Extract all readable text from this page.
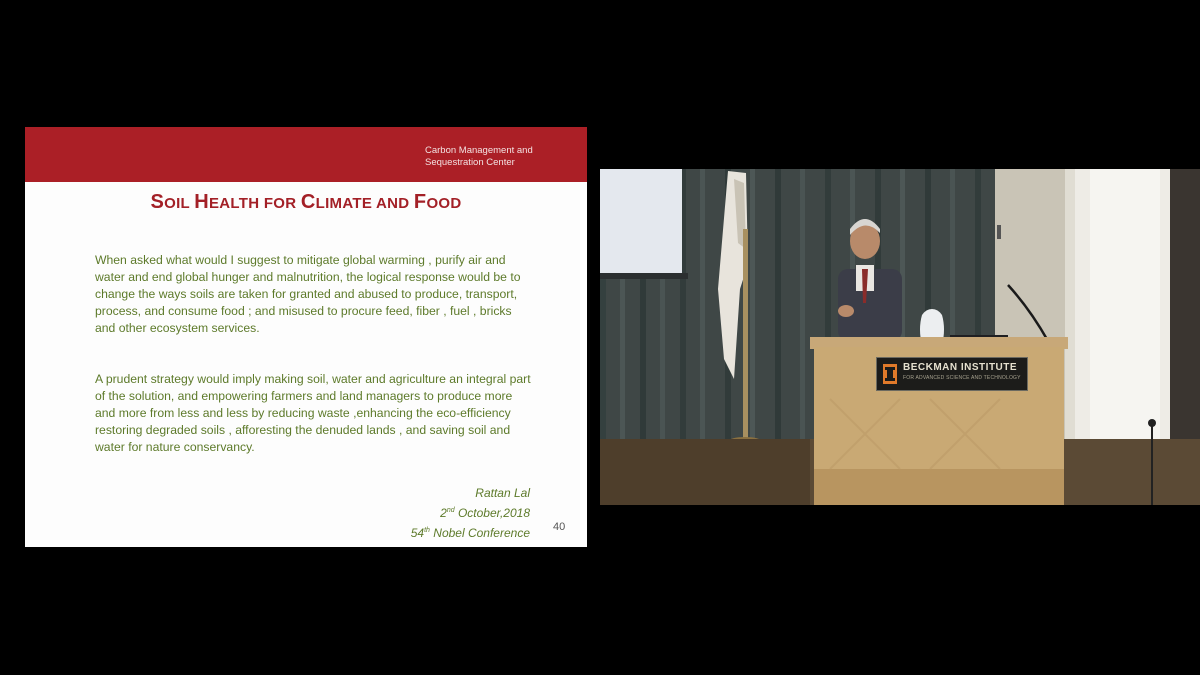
Carbon Management and
Sequestration Center
SOIL HEALTH FOR CLIMATE AND FOOD

When asked what would I suggest to mitigate global warming , purify air and water and end global hunger and malnutrition, the logical response would be to change the ways soils are taken for granted and abused to produce, transport, process, and consume food ; and misused to procure feed, fiber , fuel , bricks and other ecosystem services.

A prudent strategy would imply making soil, water and agriculture an integral part of the solution, and empowering farmers and land managers to produce more and more from less and less by reducing waste ,enhancing the eco-efficiency restoring degraded soils , afforesting the denuded lands , and saving soil and water for nature conservancy.

Rattan Lal
2nd October,2018
54th Nobel Conference 40
BECKMAN INSTITUTE
FOR ADVANCED SCIENCE AND TECHNOLOGY
